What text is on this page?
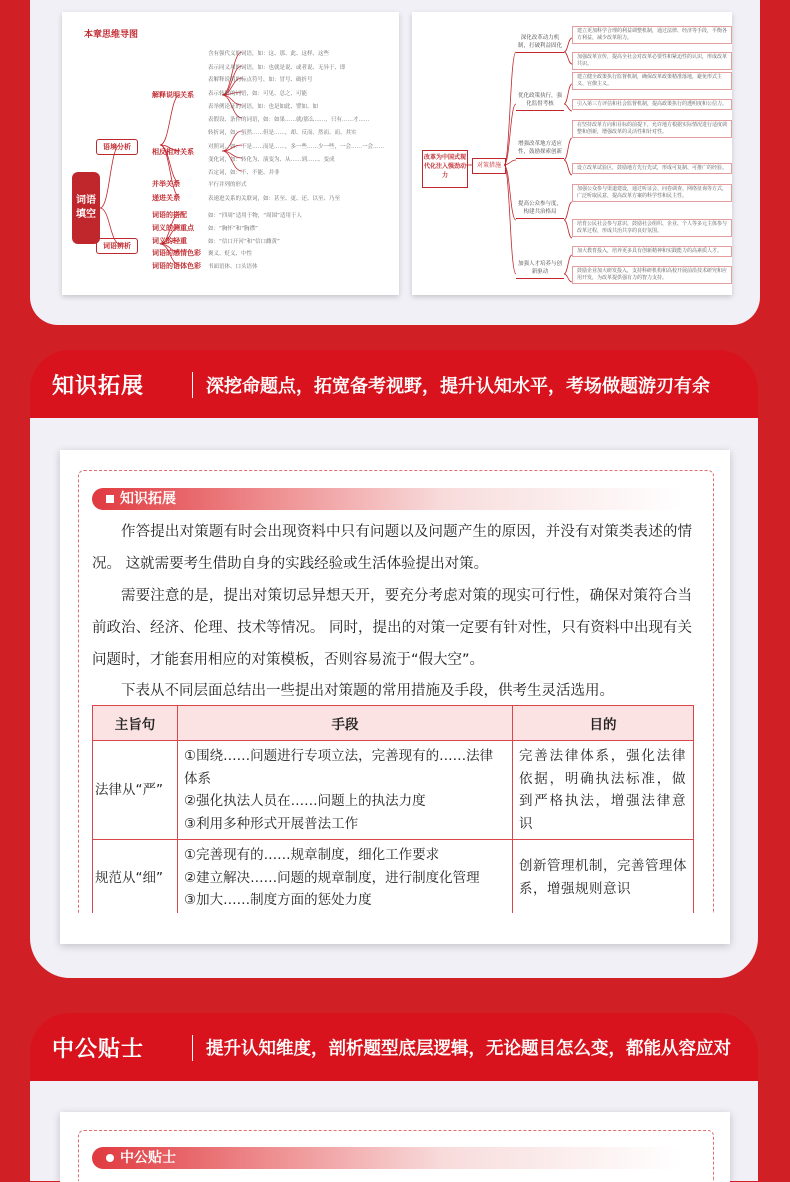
本章思维导图
词语填空
语境分析
词语辨析
解释说明关系
相反相对关系
并举关系
递进关系
词语的搭配
词义的侧重点
词义的轻重
词语的感情色彩
词语的语体色彩
含有强代义的词语，如：这、那、此、这样、这些
表示同义项的词语，如：也就是说、或者说、无异于、即
表解释说明的标点符号，如：冒号、破折号
表示转折的词语，如：可见、总之、可能
表举例论证的词语，如：也是如此、譬如、如
表假设、条件的词语，如：如果……就/那么……，只有……才……
转折词，如：虽然……但是……，却、反而、然而、而、其实
对照词，如：不是……而是……，多一些……少一些，一会……一会……
变化词，如：转化为、演变为、从……到……、变成
否定词，如：不、不能、并非
平行并列的形式
表递进关系的关联词，如：甚至、更、还、以至、乃至
如：“四周”适用于物，“周围”适用于人
如：“胸怀”和“胸襟”
如：“信口开河”和“信口雌黄”
褒义、贬义、中性
书面语体、口头语体
改革为中国式现代化注入强劲动力
对策措施
深化改革动力机制，打破利益固化
优化政策执行，强化监督考核
增强改革地方适应性，鼓励探索创新
提高公众参与度，构建共治格局
加强人才培养与创新驱动
建立更加科学合理的利益调整机制，通过法律、经济等手段，平衡各方利益，减少改革阻力。
加强改革宣传，提高全社会对改革必要性和紧迫性的认识，形成改革共识。
建立健全政策执行监督机制，确保改革政策精准落地，避免形式主义、官僚主义。
引入第三方评估和社会监督机制，提高政策执行的透明度和公信力。
在坚持改革方向和目标的前提下，允许地方根据实际情况进行适度调整和创新，增强改革的灵活性和针对性。
设立改革试验区，鼓励地方先行先试，形成可复制、可推广的经验。
加强公众参与渠道建设，通过听证会、问卷调查、网络征询等方式，广泛听取民意，提高改革方案的科学性和民主性。
培育公民社会参与意识，鼓励社会组织、企业、个人等多元主体参与改革过程，形成共治共享的良好氛围。
加大教育投入，培养更多具有创新精神和实践能力的高素质人才。
鼓励企业加大研发投入，支持科研机构和高校开展前沿技术研究和应用开发，为改革提供强有力的智力支持。
知识拓展	深挖命题点，拓宽备考视野，提升认知水平，考场做题游刃有余
知识拓展
作答提出对策题有时会出现资料中只有问题以及问题产生的原因，并没有对策类表述的情况。 这就需要考生借助自身的实践经验或生活体验提出对策。
需要注意的是，提出对策切忌异想天开，要充分考虑对策的现实可行性，确保对策符合当前政治、经济、伦理、技术等情况。 同时，提出的对策一定要有针对性，只有资料中出现有关问题时，才能套用相应的对策模板，否则容易流于“假大空”。
下表从不同层面总结出一些提出对策题的常用措施及手段，供考生灵活选用。
主旨句	手段	目的
法律从“严”	①围绕……问题进行专项立法，完善现有的……法律体系
②强化执法人员在……问题上的执法力度
③利用多种形式开展普法工作	完善法律体系，强化法律依据，明确执法标准，做到严格执法，增强法律意识
规范从“细”	①完善现有的……规章制度，细化工作要求
②建立解决……问题的规章制度，进行制度化管理
③加大……制度方面的惩处力度	创新管理机制，完善管理体系，增强规则意识
中公贴士	提升认知维度，剖析题型底层逻辑，无论题目怎么变，都能从容应对
中公贴士
